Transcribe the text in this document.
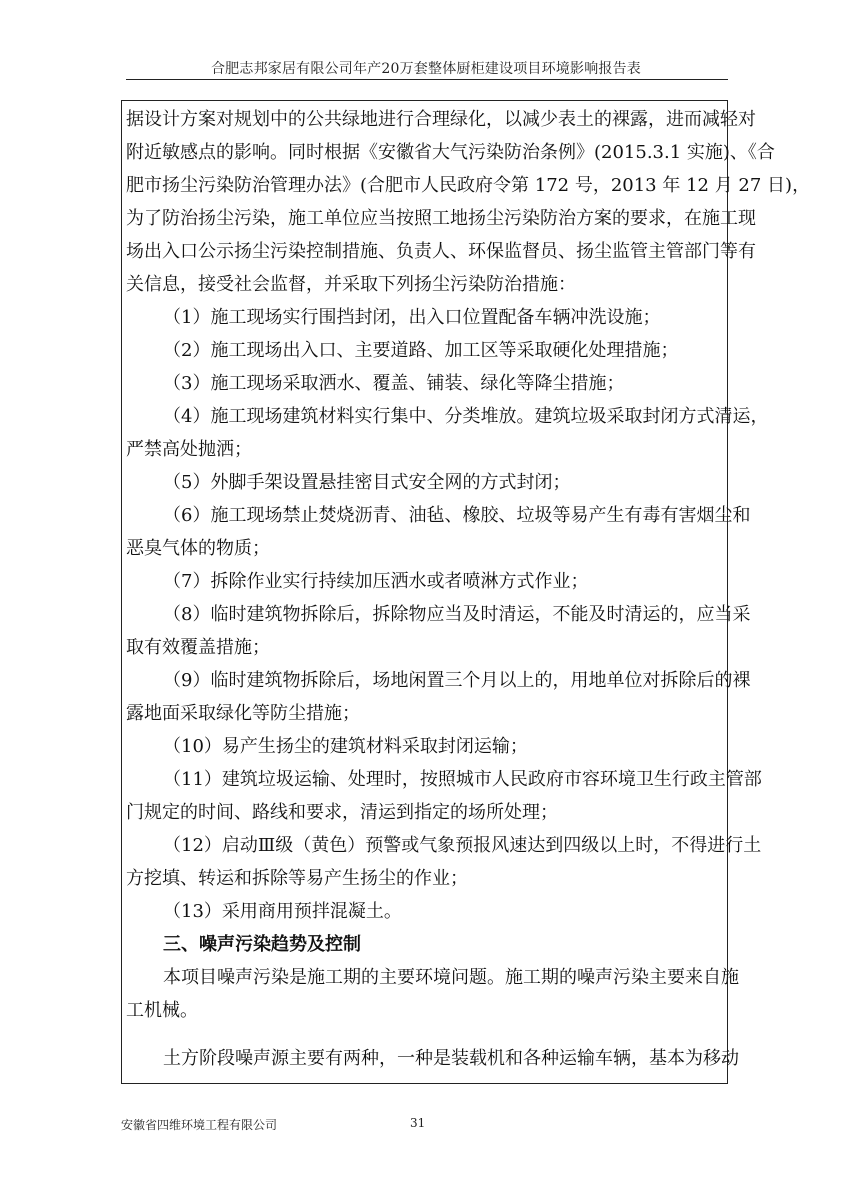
合肥志邦家居有限公司年产20万套整体厨柜建设项目环境影响报告表
据设计方案对规划中的公共绿地进行合理绿化，以减少表土的裸露，进而减轻对
附近敏感点的影响。同时根据《安徽省大气污染防治条例》(2015.3.1 实施)、《合
肥市扬尘污染防治管理办法》(合肥市人民政府令第 172 号，2013 年 12 月 27 日)，
为了防治扬尘污染，施工单位应当按照工地扬尘污染防治方案的要求，在施工现
场出入口公示扬尘污染控制措施、负责人、环保监督员、扬尘监管主管部门等有
关信息，接受社会监督，并采取下列扬尘污染防治措施：
（1）施工现场实行围挡封闭，出入口位置配备车辆冲洗设施；
（2）施工现场出入口、主要道路、加工区等采取硬化处理措施；
（3）施工现场采取洒水、覆盖、铺装、绿化等降尘措施；
（4）施工现场建筑材料实行集中、分类堆放。建筑垃圾采取封闭方式清运，
严禁高处抛洒；
（5）外脚手架设置悬挂密目式安全网的方式封闭；
（6）施工现场禁止焚烧沥青、油毡、橡胶、垃圾等易产生有毒有害烟尘和
恶臭气体的物质；
（7）拆除作业实行持续加压洒水或者喷淋方式作业；
（8）临时建筑物拆除后，拆除物应当及时清运，不能及时清运的，应当采
取有效覆盖措施；
（9）临时建筑物拆除后，场地闲置三个月以上的，用地单位对拆除后的裸
露地面采取绿化等防尘措施；
（10）易产生扬尘的建筑材料采取封闭运输；
（11）建筑垃圾运输、处理时，按照城市人民政府市容环境卫生行政主管部
门规定的时间、路线和要求，清运到指定的场所处理；
（12）启动Ⅲ级（黄色）预警或气象预报风速达到四级以上时，不得进行土
方挖填、转运和拆除等易产生扬尘的作业；
（13）采用商用预拌混凝土。
三、噪声污染趋势及控制
本项目噪声污染是施工期的主要环境问题。施工期的噪声污染主要来自施
工机械。
土方阶段噪声源主要有两种，一种是装载机和各种运输车辆，基本为移动
安徽省四维环境工程有限公司	31
